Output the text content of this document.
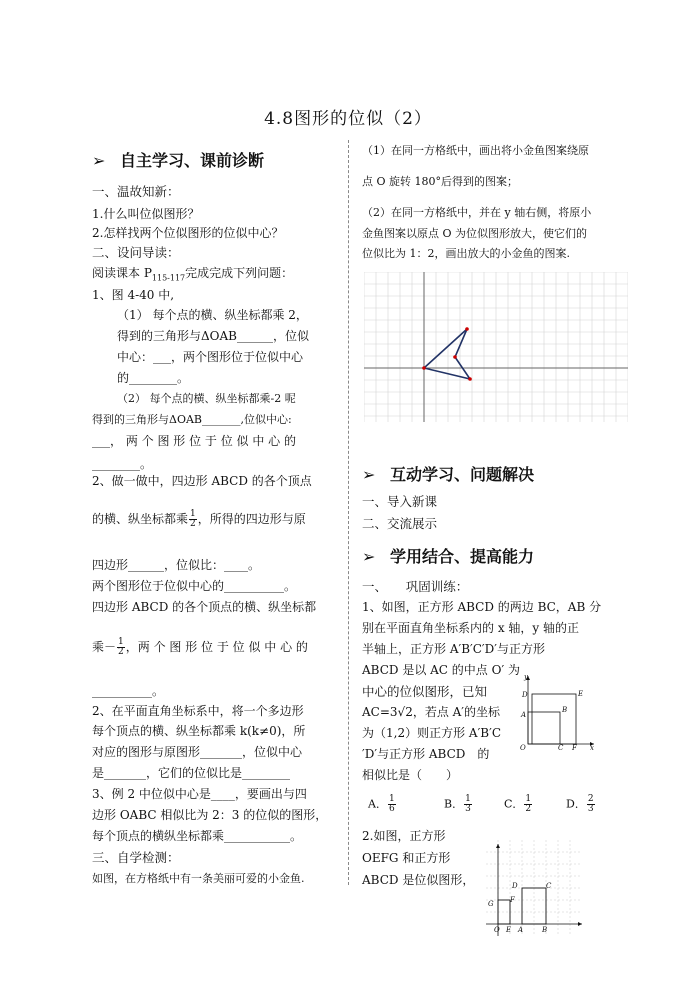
4.8图形的位似（2）
➢ 自主学习、课前诊断
一、温故知新：
1.什么叫位似图形？
2.怎样找两个位似图形的位似中心？
二、设问导读：
阅读课本 $P_{115-117}$完成完成下列问题：
1、图 4-40 中,
（1） 每个点的横、纵坐标都乘 2，
得到的三角形与ΔOAB______，位似
中心：___，两个图形位于位似中心
的________。
（2） 每个点的横、纵坐标都乘-2 呢
得到的三角形与ΔOAB_______,位似中心:
___， 两 个 图 形 位 于 位 似 中 心 的
________。
2、做一做中，四边形 ABCD 的各个顶点
的横、纵坐标都乘 $\frac{1}{2}$ ，所得的四边形与原
四边形______，位似比：____。
两个图形位于位似中心的__________。
四边形 ABCD 的各个顶点的横、纵坐标都
乘－ $\frac{1}{2}$ ，两 个 图 形 位 于 位 似 中 心 的
__________。
2、在平面直角坐标系中，将一个多边形
每个顶点的横、纵坐标都乘 k(k≠0)，所
对应的图形与原图形_______，位似中心
是_______，它们的位似比是________
3、例 2 中位似中心是____，要画出与四
边形 OABC 相似比为 2：3 的位似的图形，
每个顶点的横纵坐标都乘___________。
三、自学检测：
如图，在方格纸中有一条美丽可爱的小金鱼.
（1）在同一方格纸中，画出将小金鱼图案绕原
点 O 旋转 180°后得到的图案；
（2）在同一方格纸中，并在 y 轴右侧，将原小
金鱼图案以原点 O 为位似图形放大，使它们的
位似比为 1：2，画出放大的小金鱼的图案.
➢ 互动学习、问题解决
一、导入新课
二、交流展示
➢ 学用结合、提高能力
一、　　巩固训练：
1、如图，正方形 ABCD 的两边 BC，AB 分
别在平面直角坐标系内的 x 轴，y 轴的正
半轴上，正方形 A′B′C′D′与正方形
ABCD 是以 AC 的中点 O′ 为
中心的位似图形，已知
AC=3√2，若点 A′的坐标
为（1,2）则正方形 A′B′C
′D′与正方形 ABCD　的
相似比是（　　）
y
x
O
A
D
B
C F
E
A． $\frac{1}{6}$	B． $\frac{1}{3}$	C． $\frac{1}{2}$	D． $\frac{2}{3}$
2.如图，正方形
OEFG 和正方形
ABCD 是位似图形，
O E A	B
G F
D	C
